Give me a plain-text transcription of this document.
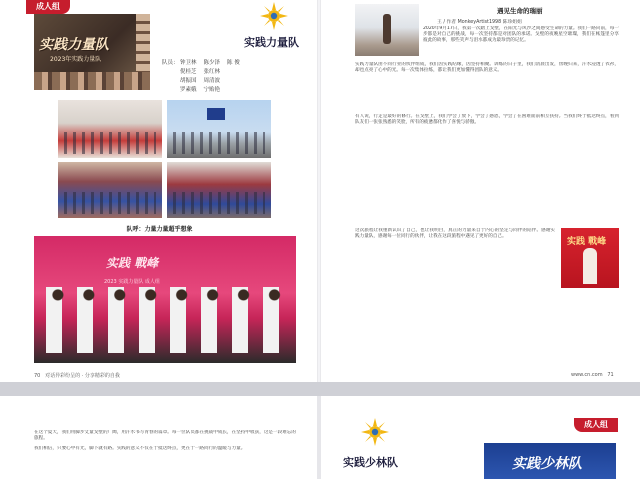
成人组
实践力量队
2023年实践力量队
实践力量队
队员： 钟卫林 陈少泽 陈 俊
倪桂芝 张红林
胡振国 周清波
罗素娥 宁贻艳
队呼：力量力量超乎想象
实践 戰峰
2023 实践力量队 成人组
70 对话异彩纷呈的 · 分享精彩的自我
遇见生命的瑞丽
王 / 作者 MonkeyArtist1998 陈珍姐姐
2020年9月17日，我第一次踏上戈壁，在阳光与风沙之间感受生命的力量。我们一路向前，每一步都是对自己的挑战，每一次坚持都是对团队的承诺。戈壁的夜晚星空璀璨，我们在帐篷里分享彼此的故事，那些笑声与泪水都成为最珍贵的记忆。
实践力量队由不同行业的伙伴组成，我们因实践结缘，因坚持相聚。训练的日子里，我们清晨出发，傍晚归来，汗水浸透了衣衫，却也点亮了心中的光。每一次集体拉练，都让我们更加懂得团队的意义。
有人说，行走是最好的修行。在戈壁上，我们学会了放下，学会了感恩，学会了在困难面前相互扶持。当我们终于抵达终点，看到队友们一张张熟悉的笑脸，所有的疲惫都化作了喜悦与骄傲。
这次旅程让我重新认识了自己，也让我明白，真正的力量来自于内心的坚定与同伴的陪伴。感谢实践力量队，感谢每一位同行的伙伴，让我在这段旅程中遇见了更好的自己。
实践 戰峰
www.cn.com 71
在这个夏天，我们用脚步丈量戈壁的广阔，用汗水书写青春的篇章。每一位队员都在挑战中成长，在坚持中收获，这是一段难忘的旅程。
我们相信，只要心中有光，脚下就有路。实践的意义不仅在于抵达终点，更在于一路同行的温暖与力量。
成人组
实践少林队	实践少林队
